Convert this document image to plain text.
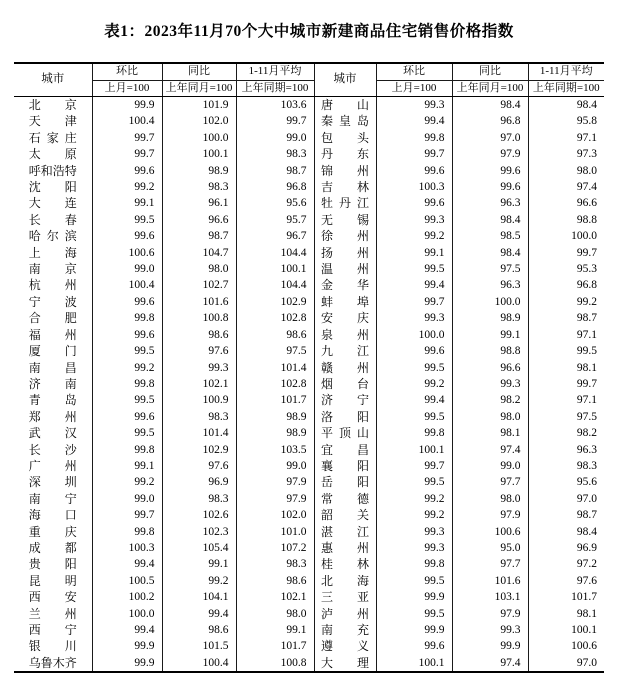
表1：2023年11月70个大中城市新建商品住宅销售价格指数
城市	环比	同比	1-11月平均	城市	环比	同比	1-11月平均
	上月=100	上年同月=100	上年同期=100		上月=100	上年同月=100	上年同期=100

北 京	99.9	101.9	103.6	唐 山	99.3	98.4	98.4

天 津	100.4	102.0	99.7	秦 皇 岛	99.4	96.8	95.8

石 家 庄	99.7	100.0	99.0	包 头	99.8	97.0	97.1

太 原	99.7	100.1	98.3	丹 东	99.7	97.9	97.3

呼 和 浩 特	99.6	98.9	98.7	锦 州	99.6	99.6	98.0

沈 阳	99.2	98.3	96.8	吉 林	100.3	99.6	97.4

大 连	99.1	96.1	95.6	牡 丹 江	99.6	96.3	96.6

长 春	99.5	96.6	95.7	无 锡	99.3	98.4	98.8

哈 尔 滨	99.6	98.7	96.7	徐 州	99.2	98.5	100.0

上 海	100.6	104.7	104.4	扬 州	99.1	98.4	99.7

南 京	99.0	98.0	100.1	温 州	99.5	97.5	95.3

杭 州	100.4	102.7	104.4	金 华	99.4	96.3	96.8

宁 波	99.6	101.6	102.9	蚌 埠	99.7	100.0	99.2

合 肥	99.8	100.8	102.8	安 庆	99.3	98.9	98.7

福 州	99.6	98.6	98.6	泉 州	100.0	99.1	97.1

厦 门	99.5	97.6	97.5	九 江	99.6	98.8	99.5

南 昌	99.2	99.3	101.4	赣 州	99.5	96.6	98.1

济 南	99.8	102.1	102.8	烟 台	99.2	99.3	99.7

青 岛	99.5	100.9	101.7	济 宁	99.4	98.2	97.1

郑 州	99.6	98.3	98.9	洛 阳	99.5	98.0	97.5

武 汉	99.5	101.4	98.9	平 顶 山	99.8	98.1	98.2

长 沙	99.8	102.9	103.5	宜 昌	100.1	97.4	96.3

广 州	99.1	97.6	99.0	襄 阳	99.7	99.0	98.3

深 圳	99.2	96.9	97.9	岳 阳	99.5	97.7	95.6

南 宁	99.0	98.3	97.9	常 德	99.2	98.0	97.0

海 口	99.7	102.6	102.0	韶 关	99.2	97.9	98.7

重 庆	99.8	102.3	101.0	湛 江	99.3	100.6	98.4

成 都	100.3	105.4	107.2	惠 州	99.3	95.0	96.9

贵 阳	99.4	99.1	98.3	桂 林	99.8	97.7	97.2

昆 明	100.5	99.2	98.6	北 海	99.5	101.6	97.6

西 安	100.2	104.1	102.1	三 亚	99.9	103.1	101.7

兰 州	100.0	99.4	98.0	泸 州	99.5	97.9	98.1

西 宁	99.4	98.6	99.1	南 充	99.9	99.3	100.1

银 川	99.9	101.5	101.7	遵 义	99.6	99.9	100.6

乌 鲁 木 齐	99.9	100.4	100.8	大 理	100.1	97.4	97.0
